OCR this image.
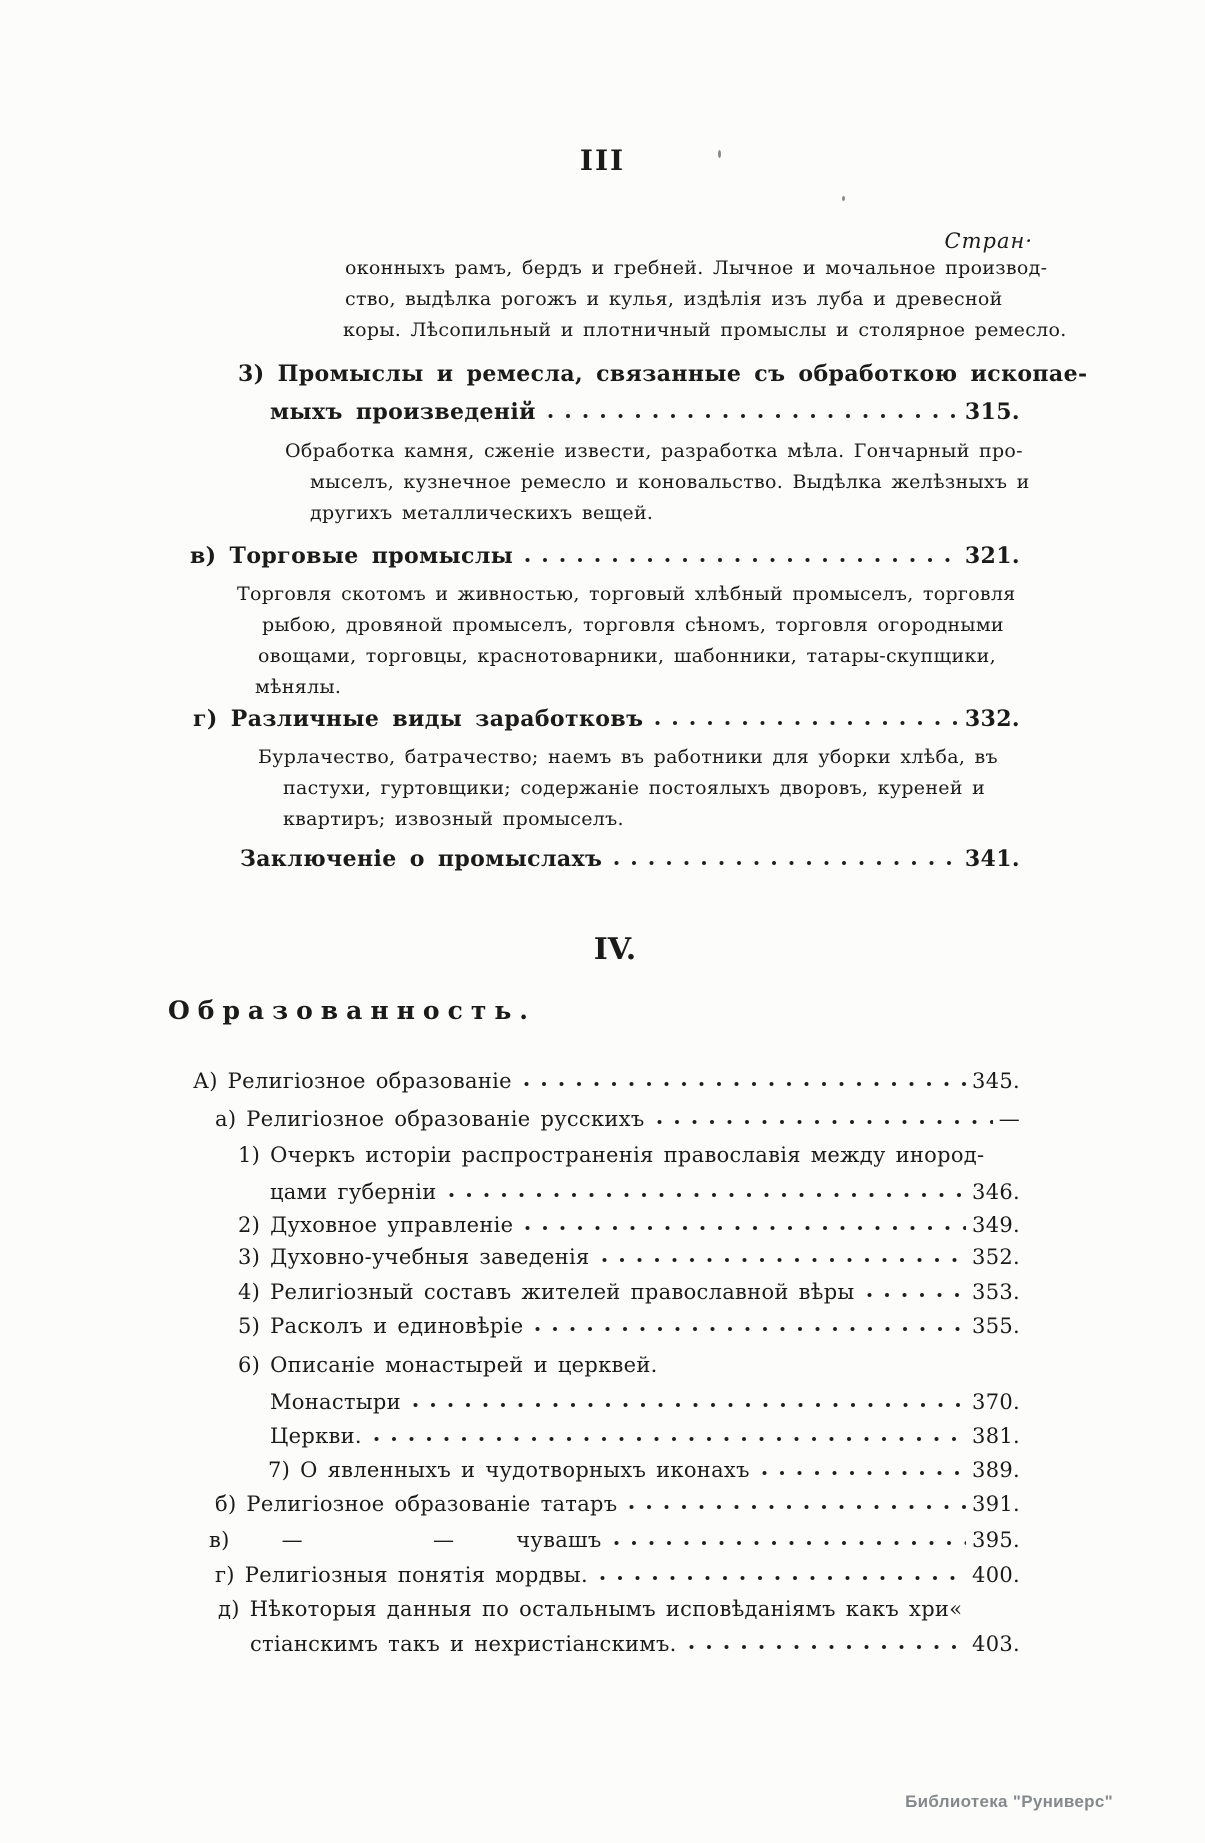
III
Стран·
оконныхъ рамъ, бердъ и гребней. Лычное и мочальное производ-
ство, выдѣлка рогожъ и кулья, издѣлія изъ луба и древесной
коры. Лѣсопильный и плотничный промыслы и столярное ремесло.
3) Промыслы и ремесла, связанные съ обработкою ископае-
мыхъ произведеній	315.
Обработка камня, сженіе извести, разработка мѣла. Гончарный про-
мыселъ, кузнечное ремесло и коновальство. Выдѣлка желѣзныхъ и
другихъ металлическихъ вещей.
в) Торговые промыслы	321.
Торговля скотомъ и живностью, торговый хлѣбный промыселъ, торговля
рыбою, дровяной промыселъ, торговля сѣномъ, торговля огородными
овощами, торговцы, краснотоварники, шабонники, татары-скупщики,
мѣнялы.
г) Различные виды заработковъ	332.
Бурлачество, батрачество; наемъ въ работники для уборки хлѣба, въ
пастухи, гуртовщики; содержаніе постоялыхъ дворовъ, куреней и
квартиръ; извозный промыселъ.
Заключеніе о промыслахъ	341.
IV.
Образованность.
А) Религіозное образованіе	345.
а) Религіозное образованіе русскихъ	—
1) Очеркъ исторіи распространенія православія между инород-
цами губерніи	346.
2) Духовное управленіе	349.
3) Духовно-учебныя заведенія	352.
4) Религіозный составъ жителей православной вѣры	353.
5) Расколъ и единовѣріе	355.
6) Описаніе монастырей и церквей.
Монастыри	370.
Церкви.	381.
7) О явленныхъ и чудотворныхъ иконахъ	389.
б) Религіозное образованіе татаръ	391.
в) —	—	чувашъ	395.
г) Религіозныя понятія мордвы.	400.
д) Нѣкоторыя данныя по остальнымъ исповѣданіямъ какъ хри«
стіанскимъ такъ и нехристіанскимъ.	403.
Библиотека "Руниверс"
